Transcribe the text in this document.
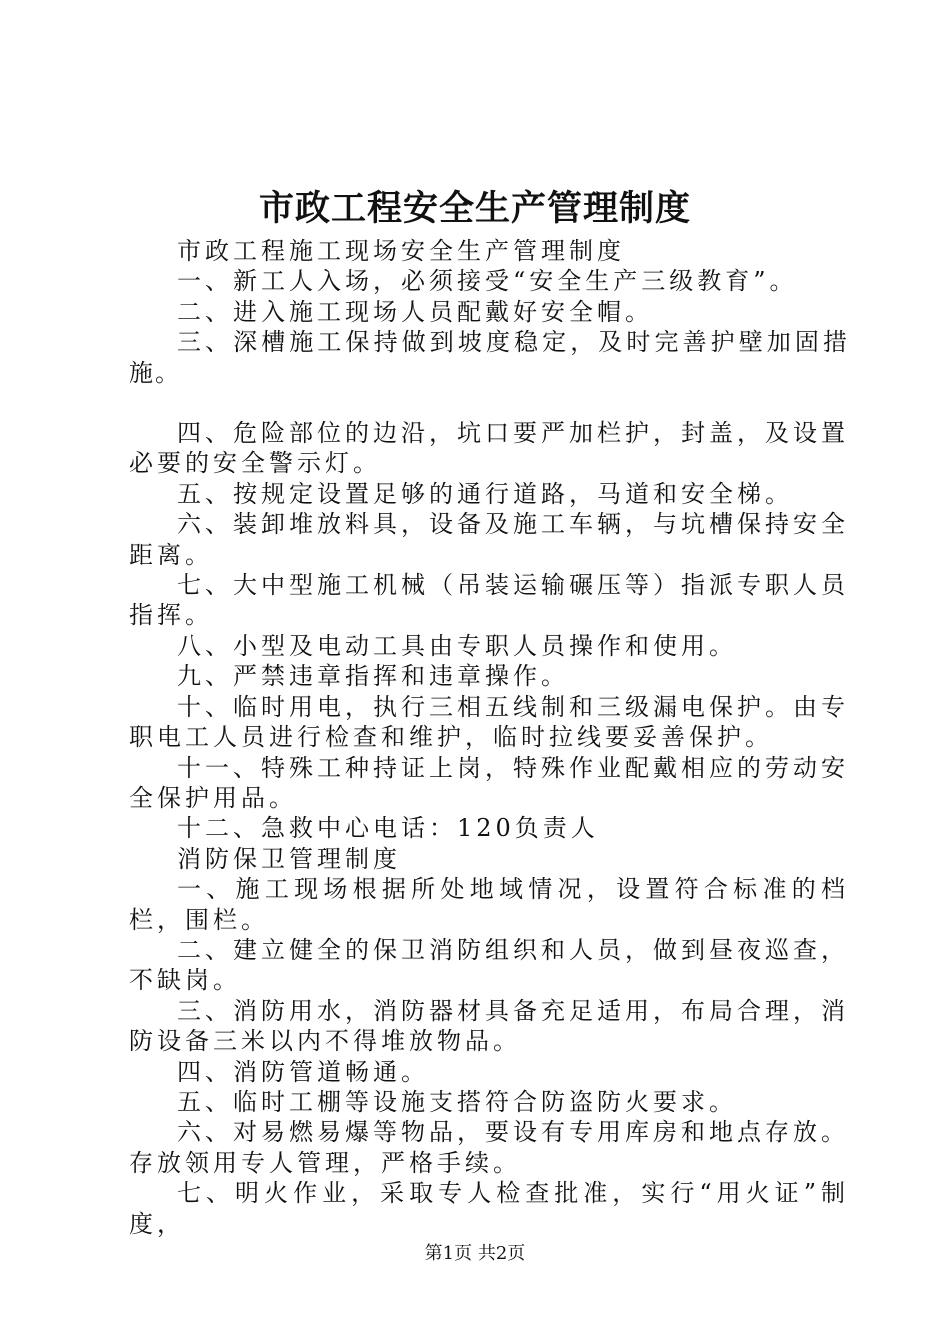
市政工程安全生产管理制度

市政工程施工现场安全生产管理制度

一、新工人入场，必须接受“安全生产三级教育”。

二、进入施工现场人员配戴好安全帽。

三、深槽施工保持做到坡度稳定，及时完善护壁加固措施。

四、危险部位的边沿，坑口要严加栏护，封盖，及设置必要的安全警示灯。

五、按规定设置足够的通行道路，马道和安全梯。

六、装卸堆放料具，设备及施工车辆，与坑槽保持安全距离。

七、大中型施工机械（吊装运输碾压等）指派专职人员指挥。

八、小型及电动工具由专职人员操作和使用。

九、严禁违章指挥和违章操作。

十、临时用电，执行三相五线制和三级漏电保护。由专职电工人员进行检查和维护，临时拉线要妥善保护。

十一、特殊工种持证上岗，特殊作业配戴相应的劳动安全保护用品。

十二、急救中心电话：120负责人

消防保卫管理制度

一、施工现场根据所处地域情况，设置符合标准的档栏，围栏。

二、建立健全的保卫消防组织和人员，做到昼夜巡查，不缺岗。

三、消防用水，消防器材具备充足适用，布局合理，消防设备三米以内不得堆放物品。

四、消防管道畅通。

五、临时工棚等设施支搭符合防盗防火要求。

六、对易燃易爆等物品，要设有专用库房和地点存放。存放领用专人管理，严格手续。

七、明火作业，采取专人检查批准，实行“用火证”制度，

第1页 共2页
